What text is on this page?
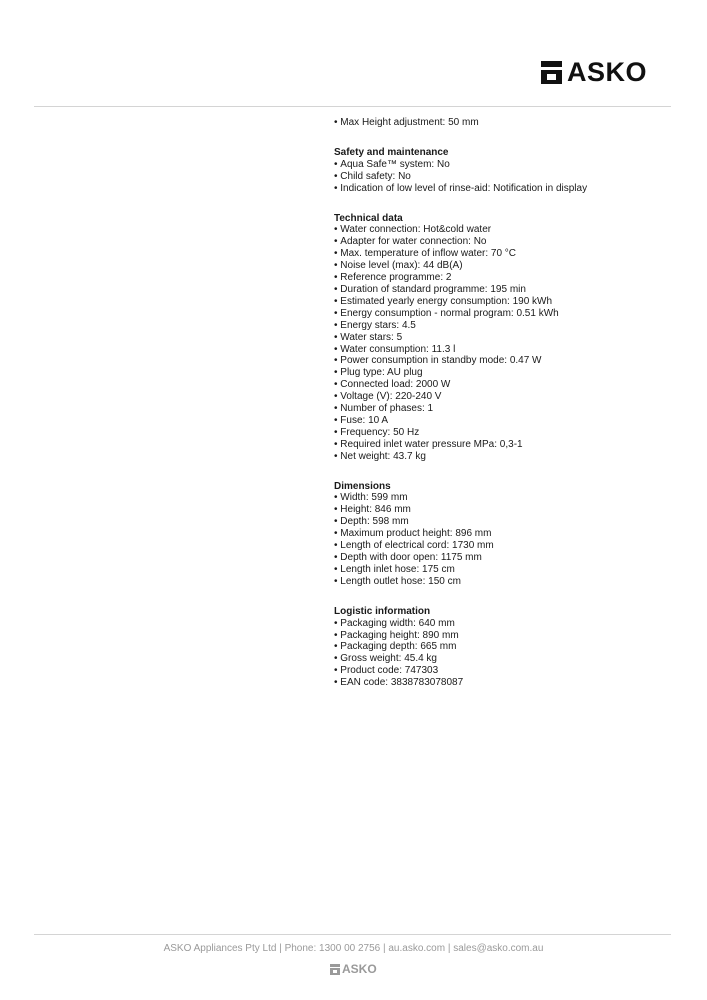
ASKO
• Max Height adjustment: 50 mm
Safety and maintenance
• Aqua Safe™ system: No
• Child safety: No
• Indication of low level of rinse-aid: Notification in display
Technical data
• Water connection: Hot&cold water
• Adapter for water connection: No
• Max. temperature of inflow water: 70 °C
• Noise level (max): 44 dB(A)
• Reference programme: 2
• Duration of standard programme: 195 min
• Estimated yearly energy consumption: 190 kWh
• Energy consumption - normal program: 0.51 kWh
• Energy stars: 4.5
• Water stars: 5
• Water consumption: 11.3 l
• Power consumption in standby mode: 0.47 W
• Plug type: AU plug
• Connected load: 2000 W
• Voltage (V): 220-240 V
• Number of phases: 1
• Fuse: 10 A
• Frequency: 50 Hz
• Required inlet water pressure MPa: 0,3-1
• Net weight: 43.7 kg
Dimensions
• Width: 599 mm
• Height: 846 mm
• Depth: 598 mm
• Maximum product height: 896 mm
• Length of electrical cord: 1730 mm
• Depth with door open: 1175 mm
• Length inlet hose: 175 cm
• Length outlet hose: 150 cm
Logistic information
• Packaging width: 640 mm
• Packaging height: 890 mm
• Packaging depth: 665 mm
• Gross weight: 45.4 kg
• Product code: 747303
• EAN code: 3838783078087
ASKO Appliances Pty Ltd | Phone: 1300 00 2756 | au.asko.com | sales@asko.com.au
ASKO
